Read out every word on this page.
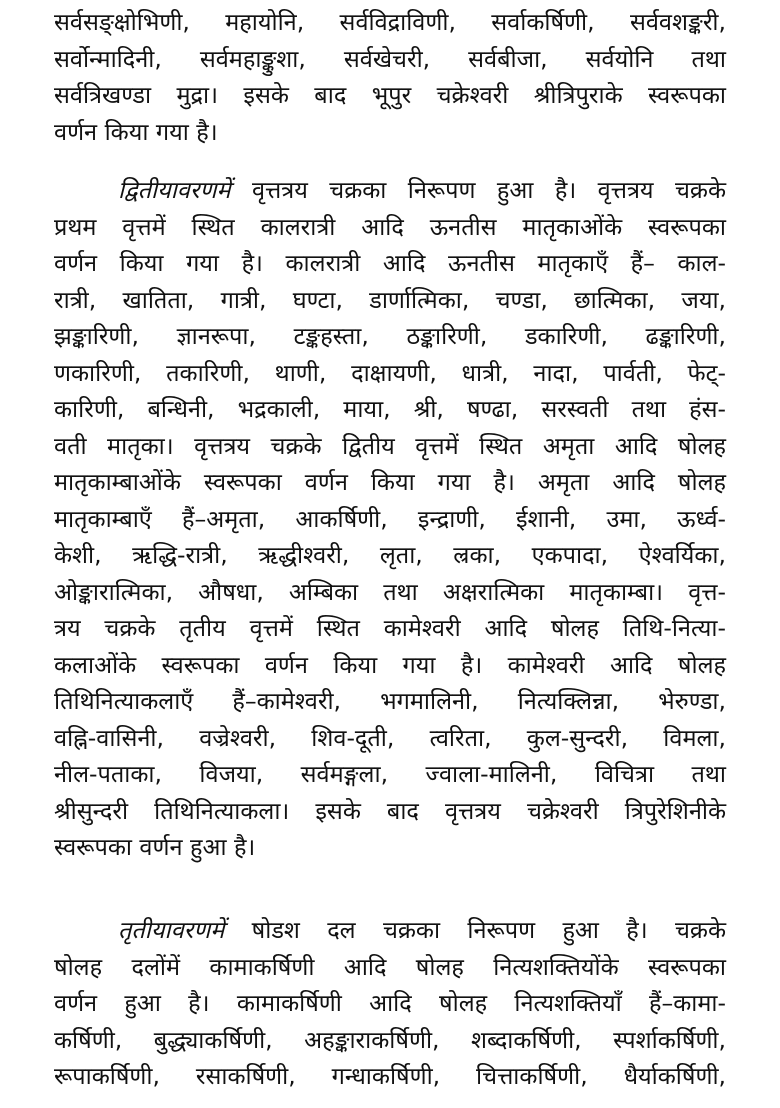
सर्वसङ्क्षोभिणी, महायोनि, सर्वविद्राविणी, सर्वाकर्षिणी, सर्ववशङ्करी,
सर्वोन्मादिनी, सर्वमहाङ्कुशा, सर्वखेचरी, सर्वबीजा, सर्वयोनि तथा
सर्वत्रिखण्डा मुद्रा। इसके बाद भूपुर चक्रेश्वरी श्रीत्रिपुराके स्वरूपका
वर्णन किया गया है।
द्वितीयावरणमें वृत्तत्रय चक्रका निरूपण हुआ है। वृत्तत्रय चक्रके
प्रथम वृत्तमें स्थित कालरात्री आदि ऊनतीस मातृकाओंके स्वरूपका
वर्णन किया गया है। कालरात्री आदि ऊनतीस मातृकाएँ हैं– काल-
रात्री, खातिता, गात्री, घण्टा, डार्णात्मिका, चण्डा, छात्मिका, जया,
झङ्कारिणी, ज्ञानरूपा, टङ्कहस्ता, ठङ्कारिणी, डकारिणी, ढङ्कारिणी,
णकारिणी, तकारिणी, थाणी, दाक्षायणी, धात्री, नादा, पार्वती, फेट्-
कारिणी, बन्धिनी, भद्रकाली, माया, श्री, षण्ढा, सरस्वती तथा हंस-
वती मातृका। वृत्तत्रय चक्रके द्वितीय वृत्तमें स्थित अमृता आदि षोलह
मातृकाम्बाओंके स्वरूपका वर्णन किया गया है। अमृता आदि षोलह
मातृकाम्बाएँ हैं–अमृता, आकर्षिणी, इन्द्राणी, ईशानी, उमा, ऊर्ध्व-
केशी, ऋद्धि-रात्री, ऋद्धीश्वरी, लृता, ल्रका, एकपादा, ऐश्वर्यिका,
ओङ्कारात्मिका, औषधा, अम्बिका तथा अक्षरात्मिका मातृकाम्बा। वृत्त-
त्रय चक्रके तृतीय वृत्तमें स्थित कामेश्वरी आदि षोलह तिथि-नित्या-
कलाओंके स्वरूपका वर्णन किया गया है। कामेश्वरी आदि षोलह
तिथिनित्याकलाएँ हैं–कामेश्वरी, भगमालिनी, नित्यक्लिन्ना, भेरुण्डा,
वह्नि-वासिनी, वज्रेश्वरी, शिव-दूती, त्वरिता, कुल-सुन्दरी, विमला,
नील-पताका, विजया, सर्वमङ्गला, ज्वाला-मालिनी, विचित्रा तथा
श्रीसुन्दरी तिथिनित्याकला। इसके बाद वृत्तत्रय चक्रेश्वरी त्रिपुरेशिनीके
स्वरूपका वर्णन हुआ है।
तृतीयावरणमें षोडश दल चक्रका निरूपण हुआ है। चक्रके
षोलह दलोंमें कामाकर्षिणी आदि षोलह नित्यशक्तियोंके स्वरूपका
वर्णन हुआ है। कामाकर्षिणी आदि षोलह नित्यशक्तियाँ हैं–कामा-
कर्षिणी, बुद्ध्याकर्षिणी, अहङ्काराकर्षिणी, शब्दाकर्षिणी, स्पर्शाकर्षिणी,
रूपाकर्षिणी, रसाकर्षिणी, गन्धाकर्षिणी, चित्ताकर्षिणी, धैर्याकर्षिणी,
